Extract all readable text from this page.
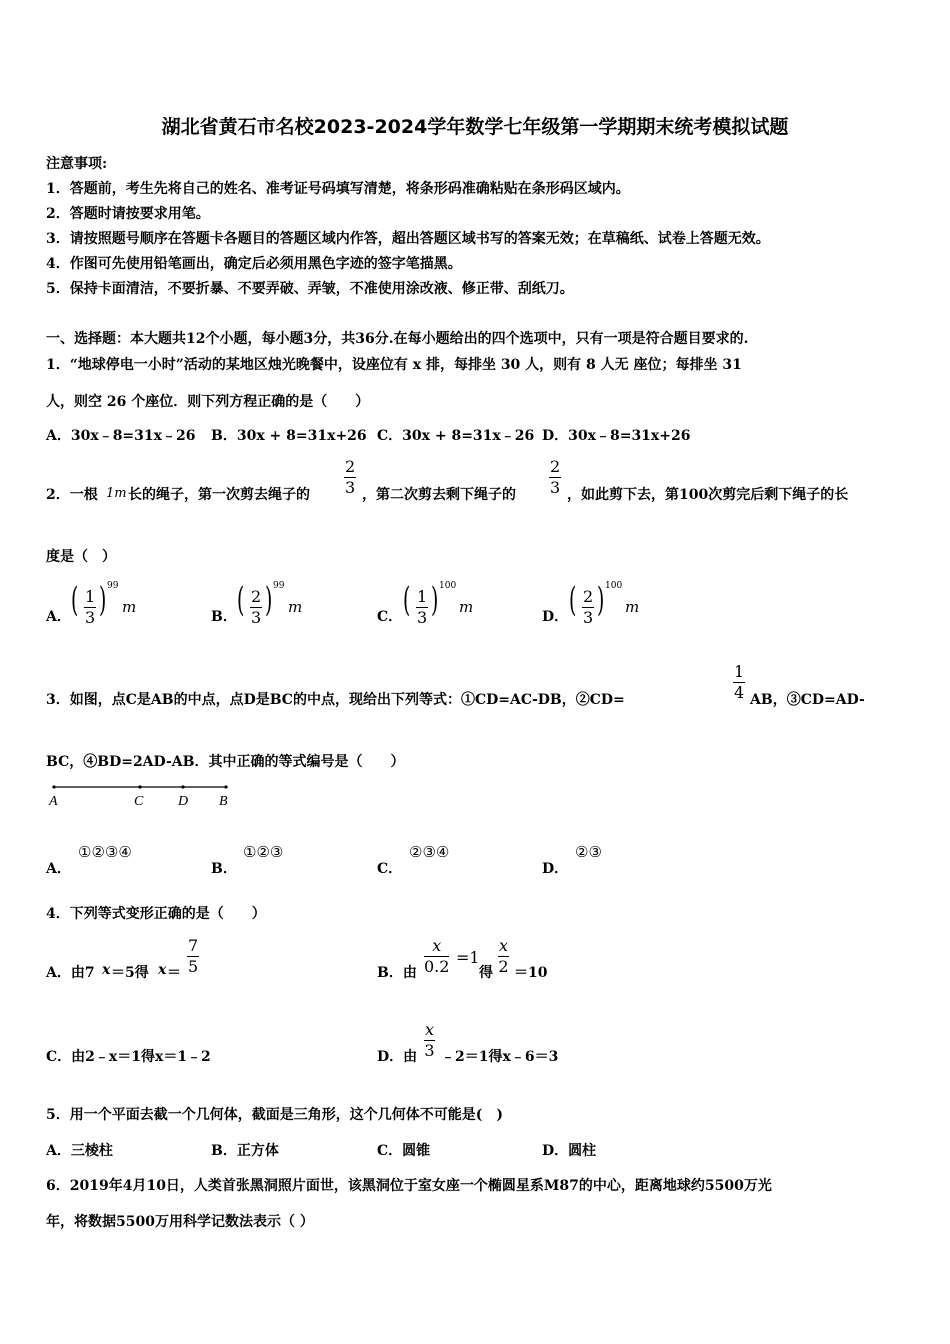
湖北省黄石市名校2023-2024学年数学七年级第一学期期末统考模拟试题
注意事项:
1．答题前，考生先将自己的姓名、准考证号码填写清楚，将条形码准确粘贴在条形码区域内。
2．答题时请按要求用笔。
3．请按照题号顺序在答题卡各题目的答题区域内作答，超出答题区域书写的答案无效；在草稿纸、试卷上答题无效。
4．作图可先使用铅笔画出，确定后必须用黑色字迹的签字笔描黑。
5．保持卡面清洁，不要折暴、不要弄破、弄皱，不准使用涂改液、修正带、刮纸刀。
一、选择题：本大题共12个小题，每小题3分，共36分.在每小题给出的四个选项中，只有一项是符合题目要求的.
1．“地球停电一小时”活动的某地区烛光晚餐中，设座位有 x 排，每排坐 30 人，则有 8 人无 座位；每排坐 31
人，则空 26 个座位．则下列方程正确的是（　　）
A．30x﹣8=31x﹣26 B．30x + 8=31x+26 C．30x + 8=31x﹣26 D．30x﹣8=31x+26
2．一根 1m 长的绳子，第一次剪去绳子的
2
3 ，第二次剪去剩下绳子的
2
3 ，如此剪下去，第100次剪完后剩下绳子的长
度是（　）
A． ( 1
3 ) 99
m
B． ( 2
3 ) 99
m
C． ( 1
3 ) 100
m
D． ( 2
3 ) 100
m
3．如图，点C是AB的中点，点D是BC的中点，现给出下列等式：①CD=AC-DB，②CD=
1
4 AB，③CD=AD-
BC，④BD=2AD-AB．其中正确的等式编号是（　　）
A	C D B
A．
①②③④
B．
①②③
C．
②③④
D．
②③
4．下列等式变形正确的是（　　）
A．由7 x ＝5得 x ＝
7
5	B．由
x
0.2 =1
得
x
2 ＝10
C．由2﹣x＝1得x＝1﹣2	D．由
x
3 ﹣2＝1得x﹣6＝3
5．用一个平面去截一个几何体，截面是三角形，这个几何体不可能是(　)
A．三棱柱	B．正方体	C．圆锥	D．圆柱
6．2019年4月10日，人类首张黑洞照片面世，该黑洞位于室女座一个椭圆星系M87的中心，距离地球约5500万光
年，将数据5500万用科学记数法表示（ ）
